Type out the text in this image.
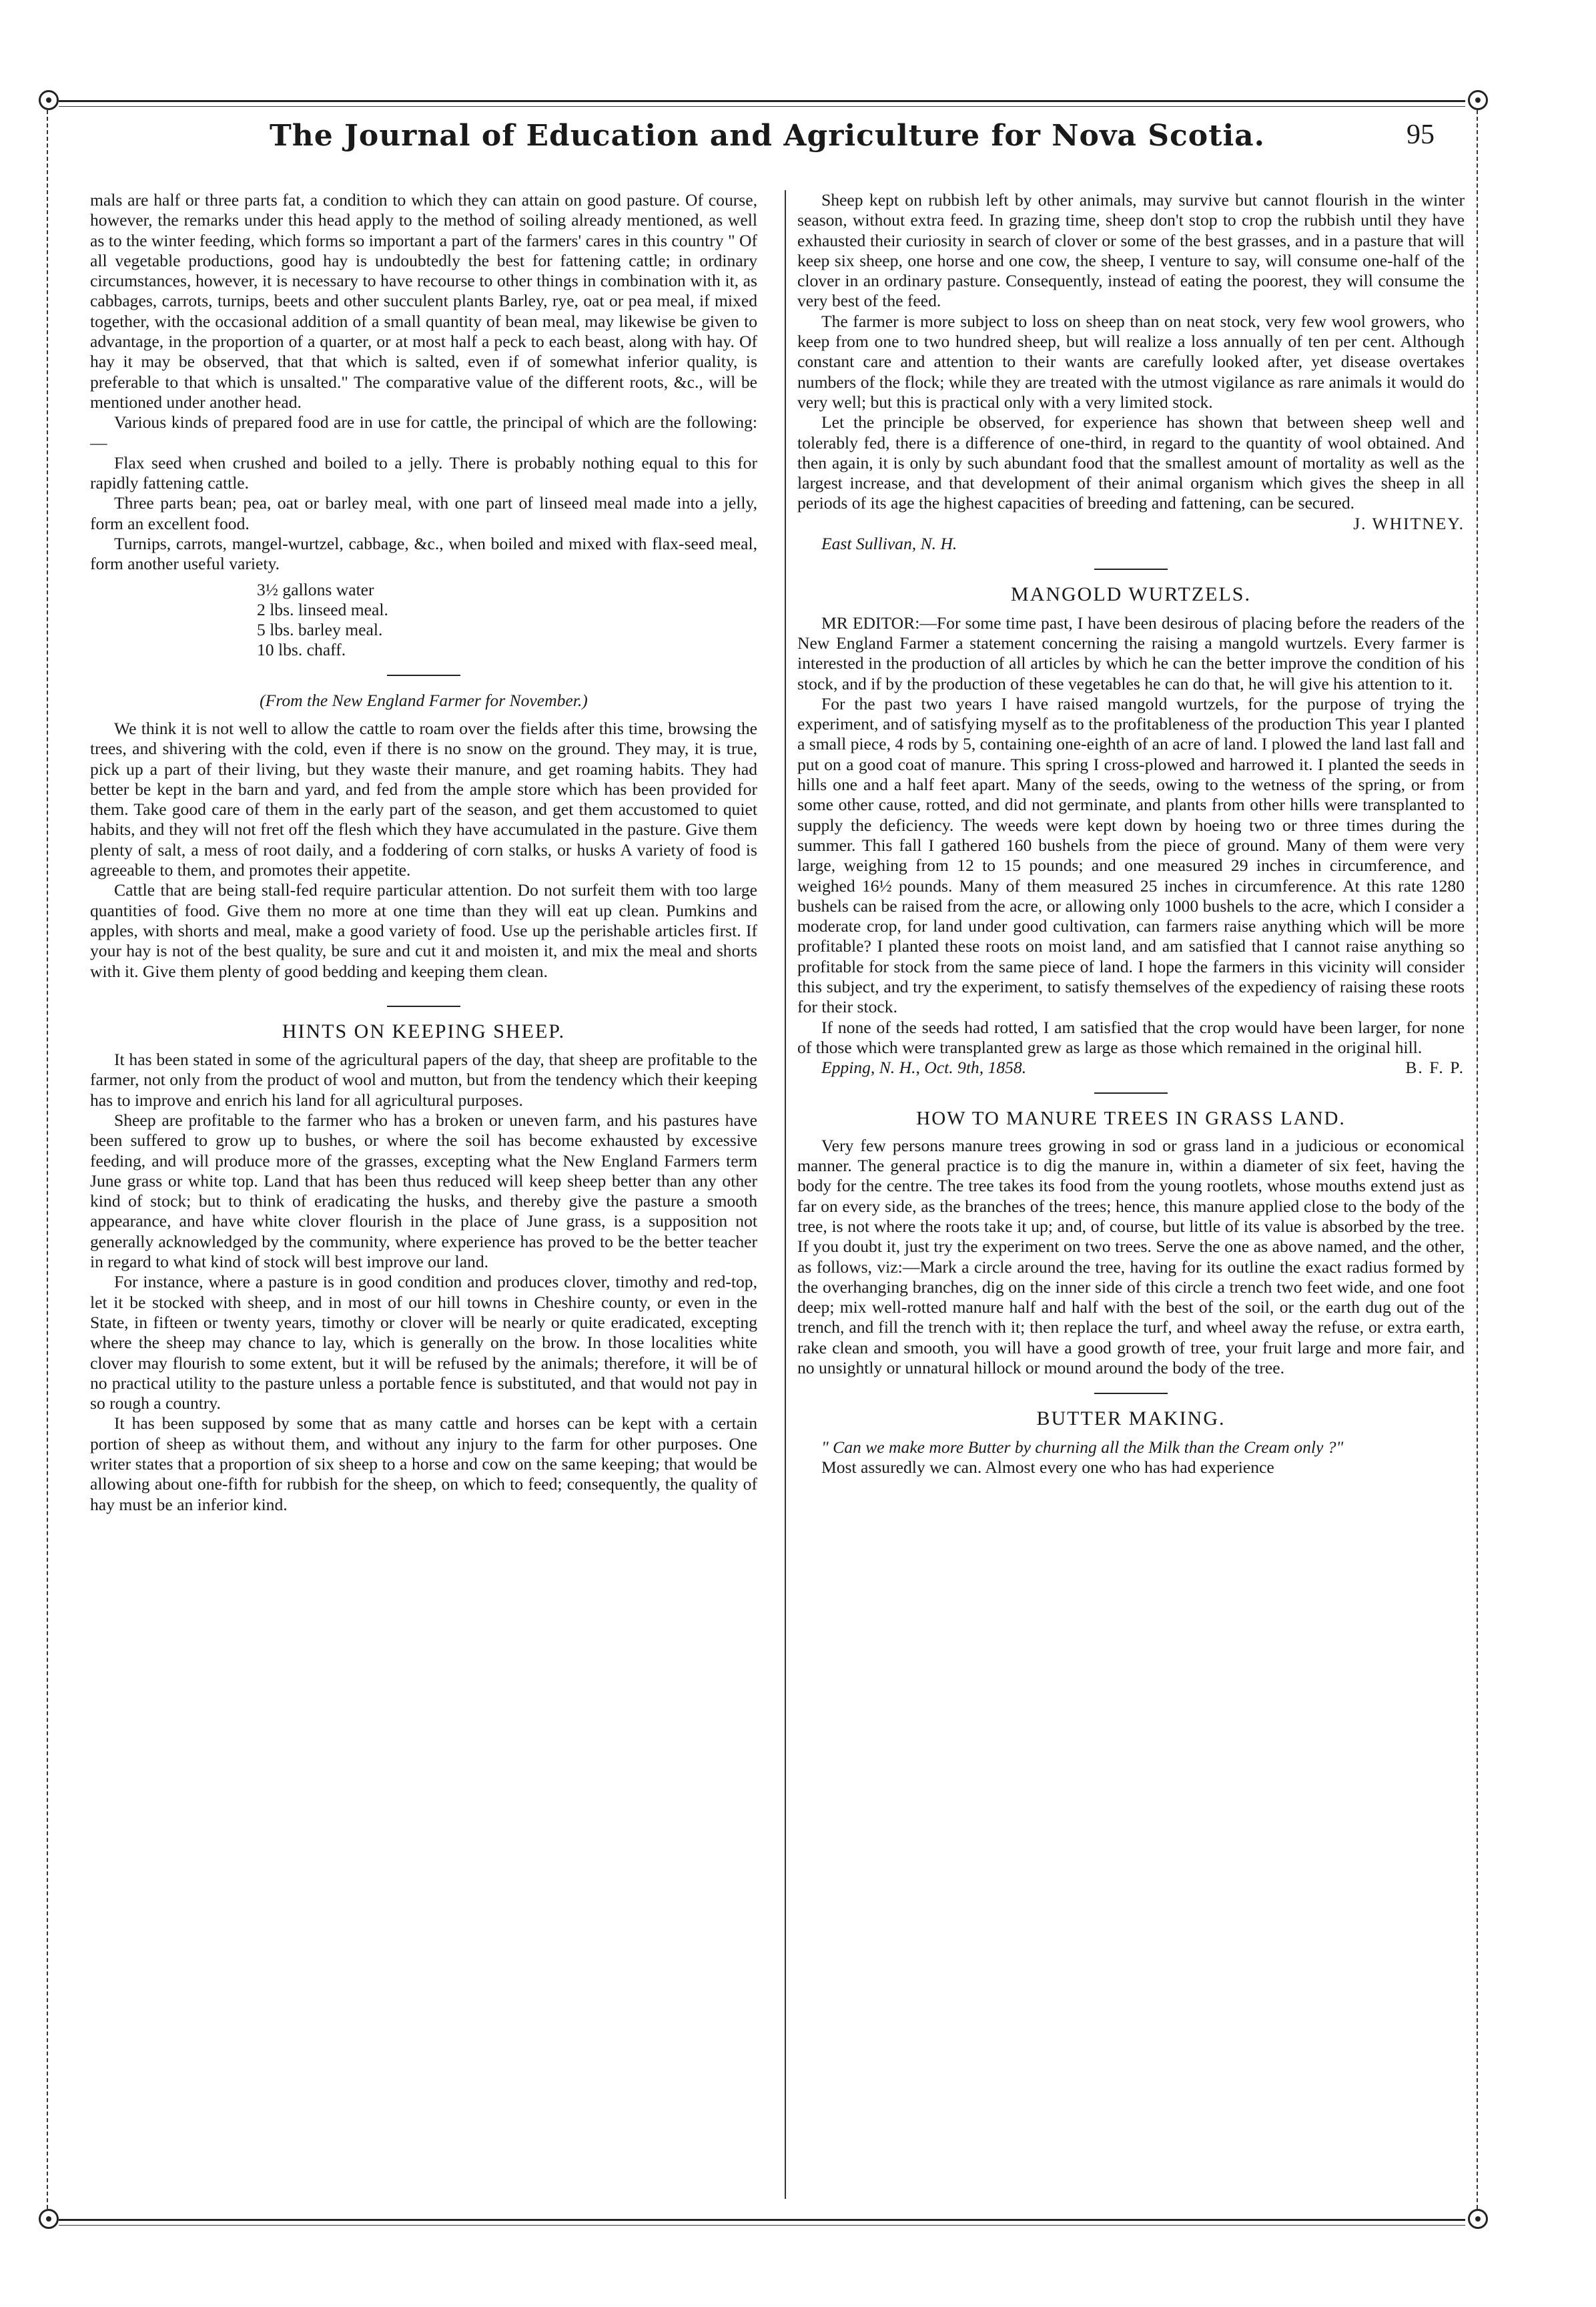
The Journal of Education and Agriculture for Nova Scotia.	95

mals are half or three parts fat, a condition to which they can attain on good pasture. Of course, however, the remarks under this head apply to the method of soiling already mentioned, as well as to the winter feeding, which forms so important a part of the farmers' cares in this country " Of all vegetable productions, good hay is undoubtedly the best for fattening cattle; in ordinary circumstances, however, it is necessary to have recourse to other things in combination with it, as cabbages, carrots, turnips, beets and other succulent plants Barley, rye, oat or pea meal, if mixed together, with the occasional addition of a small quantity of bean meal, may likewise be given to advantage, in the proportion of a quarter, or at most half a peck to each beast, along with hay. Of hay it may be observed, that that which is salted, even if of somewhat inferior quality, is preferable to that which is unsalted." The comparative value of the different roots, &c., will be mentioned under another head.

Various kinds of prepared food are in use for cattle, the principal of which are the following:—

Flax seed when crushed and boiled to a jelly. There is probably nothing equal to this for rapidly fattening cattle.

Three parts bean; pea, oat or barley meal, with one part of linseed meal made into a jelly, form an excellent food.

Turnips, carrots, mangel-wurtzel, cabbage, &c., when boiled and mixed with flax-seed meal, form another useful variety.

3½ gallons water
2 lbs. linseed meal.
5 lbs. barley meal.
10 lbs. chaff.
(From the New England Farmer for November.)

We think it is not well to allow the cattle to roam over the fields after this time, browsing the trees, and shivering with the cold, even if there is no snow on the ground. They may, it is true, pick up a part of their living, but they waste their manure, and get roaming habits. They had better be kept in the barn and yard, and fed from the ample store which has been provided for them. Take good care of them in the early part of the season, and get them accustomed to quiet habits, and they will not fret off the flesh which they have accumulated in the pasture. Give them plenty of salt, a mess of root daily, and a foddering of corn stalks, or husks A variety of food is agreeable to them, and promotes their appetite.

Cattle that are being stall-fed require particular attention. Do not surfeit them with too large quantities of food. Give them no more at one time than they will eat up clean. Pumkins and apples, with shorts and meal, make a good variety of food. Use up the perishable articles first. If your hay is not of the best quality, be sure and cut it and moisten it, and mix the meal and shorts with it. Give them plenty of good bedding and keeping them clean.

HINTS ON KEEPING SHEEP.

It has been stated in some of the agricultural papers of the day, that sheep are profitable to the farmer, not only from the product of wool and mutton, but from the tendency which their keeping has to improve and enrich his land for all agricultural purposes.

Sheep are profitable to the farmer who has a broken or uneven farm, and his pastures have been suffered to grow up to bushes, or where the soil has become exhausted by excessive feeding, and will produce more of the grasses, excepting what the New England Farmers term June grass or white top. Land that has been thus reduced will keep sheep better than any other kind of stock; but to think of eradicating the husks, and thereby give the pasture a smooth appearance, and have white clover flourish in the place of June grass, is a supposition not generally acknowledged by the community, where experience has proved to be the better teacher in regard to what kind of stock will best improve our land.

For instance, where a pasture is in good condition and produces clover, timothy and red-top, let it be stocked with sheep, and in most of our hill towns in Cheshire county, or even in the State, in fifteen or twenty years, timothy or clover will be nearly or quite eradicated, excepting where the sheep may chance to lay, which is generally on the brow. In those localities white clover may flourish to some extent, but it will be refused by the animals; therefore, it will be of no practical utility to the pasture unless a portable fence is substituted, and that would not pay in so rough a country.

It has been supposed by some that as many cattle and horses can be kept with a certain portion of sheep as without them, and without any injury to the farm for other purposes. One writer states that a proportion of six sheep to a horse and cow on the same keeping; that would be allowing about one-fifth for rubbish for the sheep, on which to feed; consequently, the quality of hay must be an inferior kind.

Sheep kept on rubbish left by other animals, may survive but cannot flourish in the winter season, without extra feed. In grazing time, sheep don't stop to crop the rubbish until they have exhausted their curiosity in search of clover or some of the best grasses, and in a pasture that will keep six sheep, one horse and one cow, the sheep, I venture to say, will consume one-half of the clover in an ordinary pasture. Consequently, instead of eating the poorest, they will consume the very best of the feed.

The farmer is more subject to loss on sheep than on neat stock, very few wool growers, who keep from one to two hundred sheep, but will realize a loss annually of ten per cent. Although constant care and attention to their wants are carefully looked after, yet disease overtakes numbers of the flock; while they are treated with the utmost vigilance as rare animals it would do very well; but this is practical only with a very limited stock.

Let the principle be observed, for experience has shown that between sheep well and tolerably fed, there is a difference of one-third, in regard to the quantity of wool obtained. And then again, it is only by such abundant food that the smallest amount of mortality as well as the largest increase, and that development of their animal organism which gives the sheep in all periods of its age the highest capacities of breeding and fattening, can be secured.

J. WHITNEY.
East Sullivan, N. H.
MANGOLD WURTZELS.

MR EDITOR:—For some time past, I have been desirous of placing before the readers of the New England Farmer a statement concerning the raising a mangold wurtzels. Every farmer is interested in the production of all articles by which he can the better improve the condition of his stock, and if by the production of these vegetables he can do that, he will give his attention to it.

For the past two years I have raised mangold wurtzels, for the purpose of trying the experiment, and of satisfying myself as to the profitableness of the production This year I planted a small piece, 4 rods by 5, containing one-eighth of an acre of land. I plowed the land last fall and put on a good coat of manure. This spring I cross-plowed and harrowed it. I planted the seeds in hills one and a half feet apart. Many of the seeds, owing to the wetness of the spring, or from some other cause, rotted, and did not germinate, and plants from other hills were transplanted to supply the deficiency. The weeds were kept down by hoeing two or three times during the summer. This fall I gathered 160 bushels from the piece of ground. Many of them were very large, weighing from 12 to 15 pounds; and one measured 29 inches in circumference, and weighed 16½ pounds. Many of them measured 25 inches in circumference. At this rate 1280 bushels can be raised from the acre, or allowing only 1000 bushels to the acre, which I consider a moderate crop, for land under good cultivation, can farmers raise anything which will be more profitable? I planted these roots on moist land, and am satisfied that I cannot raise anything so profitable for stock from the same piece of land. I hope the farmers in this vicinity will consider this subject, and try the experiment, to satisfy themselves of the expediency of raising these roots for their stock.

If none of the seeds had rotted, I am satisfied that the crop would have been larger, for none of those which were transplanted grew as large as those which remained in the original hill.

Epping, N. H., Oct. 9th, 1858.	B. F. P.
HOW TO MANURE TREES IN GRASS LAND.

Very few persons manure trees growing in sod or grass land in a judicious or economical manner. The general practice is to dig the manure in, within a diameter of six feet, having the body for the centre. The tree takes its food from the young rootlets, whose mouths extend just as far on every side, as the branches of the trees; hence, this manure applied close to the body of the tree, is not where the roots take it up; and, of course, but little of its value is absorbed by the tree. If you doubt it, just try the experiment on two trees. Serve the one as above named, and the other, as follows, viz:—Mark a circle around the tree, having for its outline the exact radius formed by the overhanging branches, dig on the inner side of this circle a trench two feet wide, and one foot deep; mix well-rotted manure half and half with the best of the soil, or the earth dug out of the trench, and fill the trench with it; then replace the turf, and wheel away the refuse, or extra earth, rake clean and smooth, you will have a good growth of tree, your fruit large and more fair, and no unsightly or unnatural hillock or mound around the body of the tree.

BUTTER MAKING.

" Can we make more Butter by churning all the Milk than the Cream only ?"

Most assuredly we can. Almost every one who has had experience
